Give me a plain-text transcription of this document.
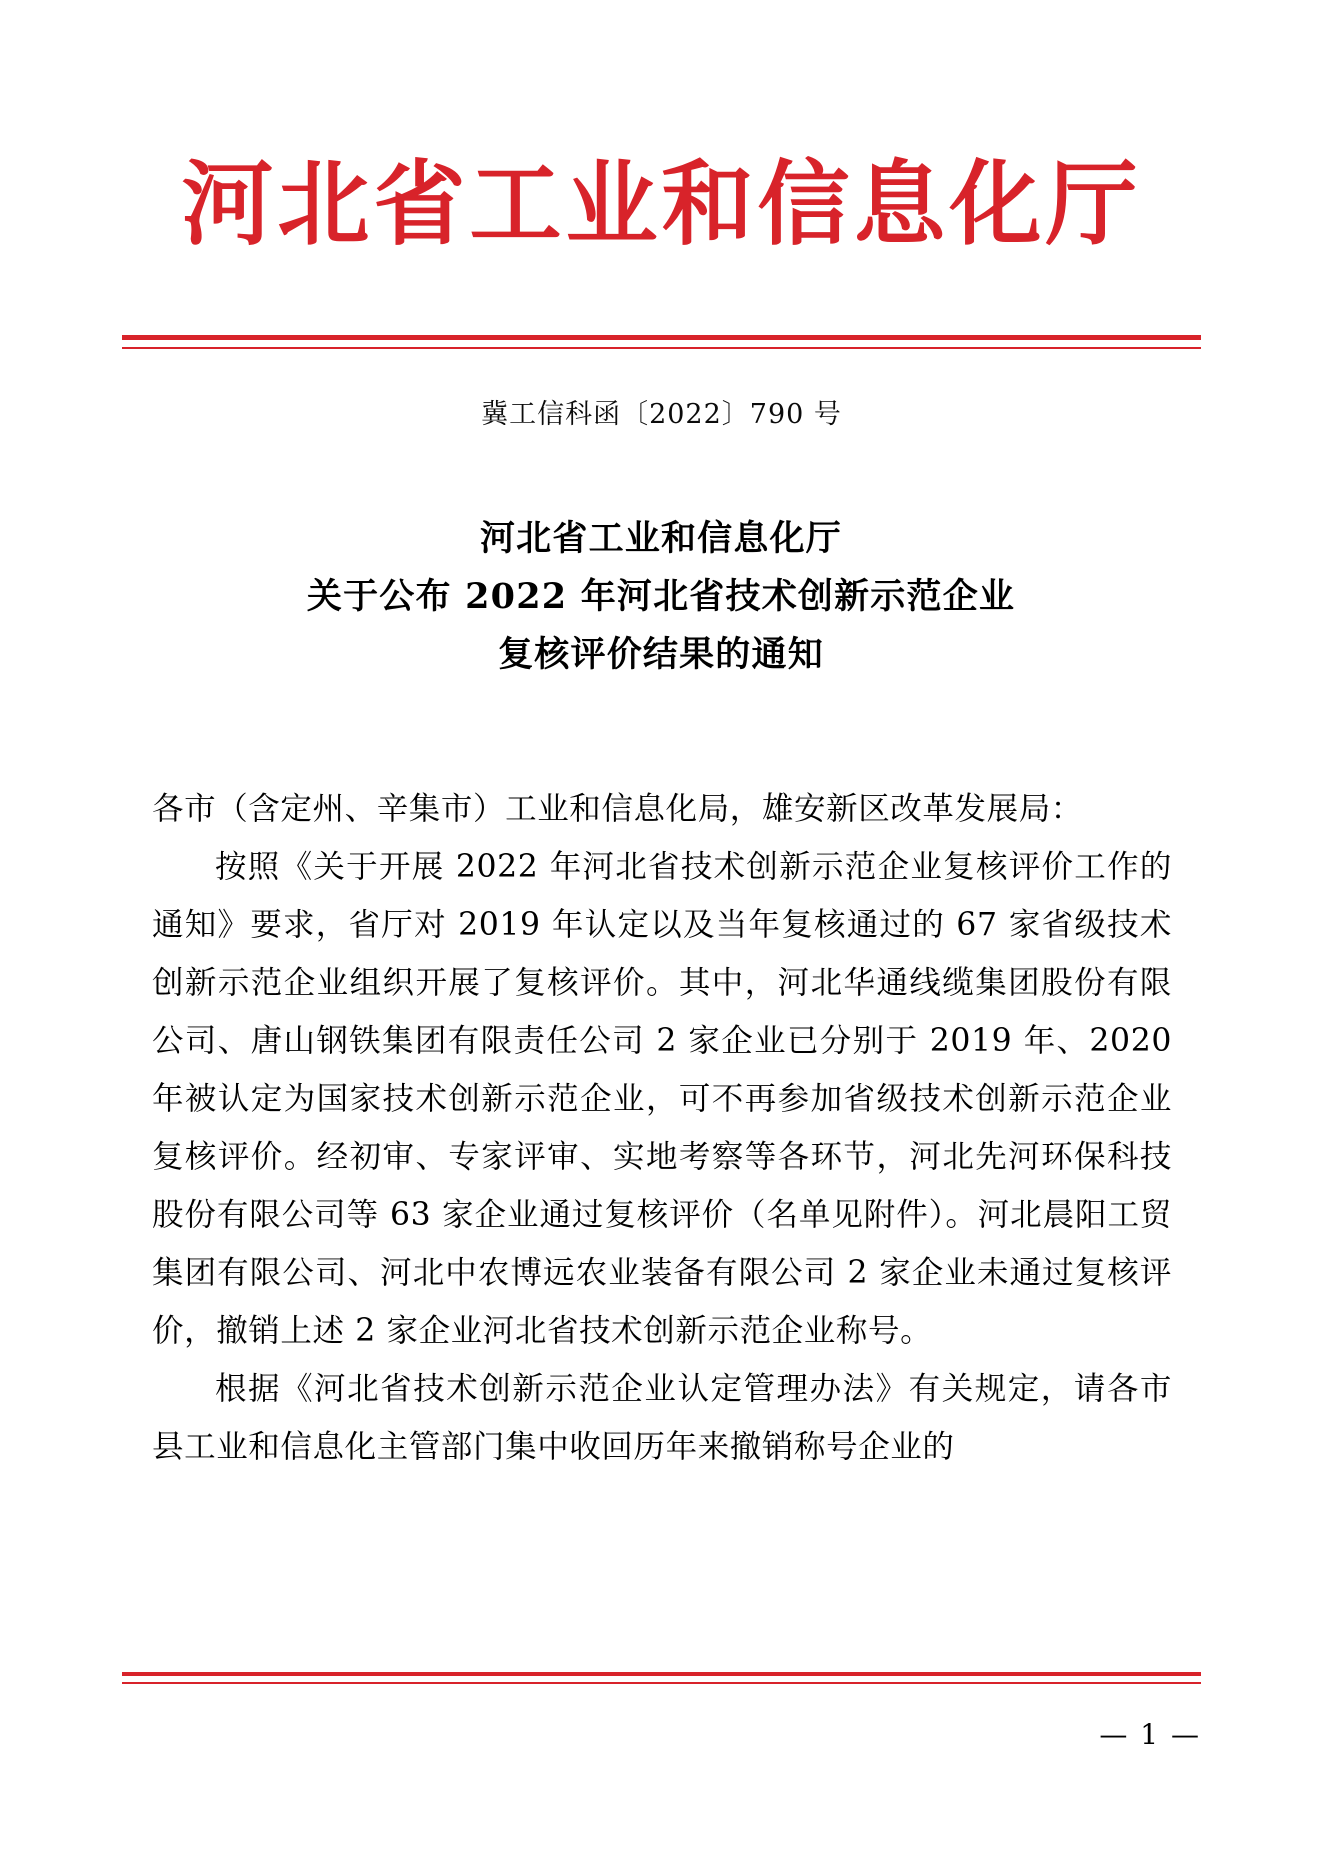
河北省工业和信息化厅
冀工信科函〔2022〕790 号
河北省工业和信息化厅
关于公布 2022 年河北省技术创新示范企业
复核评价结果的通知

各市（含定州、辛集市）工业和信息化局，雄安新区改革发展局：

按照《关于开展 2022 年河北省技术创新示范企业复核评价工作的通知》要求，省厅对 2019 年认定以及当年复核通过的 67 家省级技术创新示范企业组织开展了复核评价。其中，河北华通线缆集团股份有限公司、唐山钢铁集团有限责任公司 2 家企业已分别于 2019 年、2020 年被认定为国家技术创新示范企业，可不再参加省级技术创新示范企业复核评价。经初审、专家评审、实地考察等各环节，河北先河环保科技股份有限公司等 63 家企业通过复核评价（名单见附件）。河北晨阳工贸集团有限公司、河北中农博远农业装备有限公司 2 家企业未通过复核评价，撤销上述 2 家企业河北省技术创新示范企业称号。

根据《河北省技术创新示范企业认定管理办法》有关规定，请各市县工业和信息化主管部门集中收回历年来撤销称号企业的

— 1 —
